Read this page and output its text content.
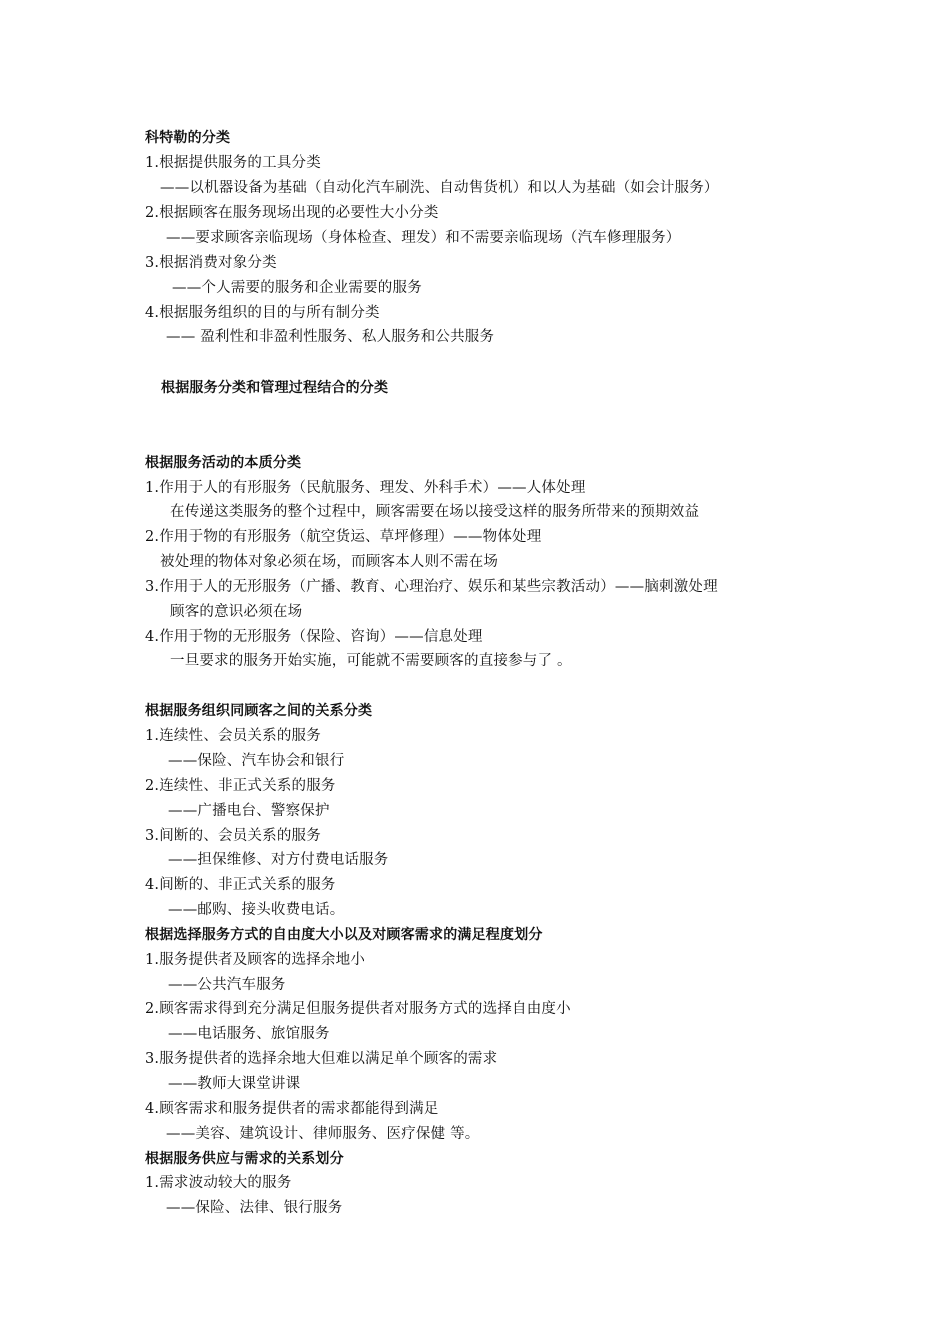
科特勒的分类

1.根据提供服务的工具分类

——以机器设备为基础（自动化汽车刷洗、自动售货机）和以人为基础（如会计服务）

2.根据顾客在服务现场出现的必要性大小分类

——要求顾客亲临现场（身体检查、理发）和不需要亲临现场（汽车修理服务）

3.根据消费对象分类

——个人需要的服务和企业需要的服务

4.根据服务组织的目的与所有制分类

—— 盈利性和非盈利性服务、私人服务和公共服务

根据服务分类和管理过程结合的分类

根据服务活动的本质分类

1.作用于人的有形服务（民航服务、理发、外科手术）——人体处理

在传递这类服务的整个过程中，顾客需要在场以接受这样的服务所带来的预期效益

2.作用于物的有形服务（航空货运、草坪修理）——物体处理

被处理的物体对象必须在场，而顾客本人则不需在场

3.作用于人的无形服务（广播、教育、心理治疗、娱乐和某些宗教活动）——脑刺激处理

顾客的意识必须在场

4.作用于物的无形服务（保险、咨询）——信息处理

一旦要求的服务开始实施，可能就不需要顾客的直接参与了 。

根据服务组织同顾客之间的关系分类

1.连续性、会员关系的服务

——保险、汽车协会和银行

2.连续性、非正式关系的服务

——广播电台、警察保护

3.间断的、会员关系的服务

——担保维修、对方付费电话服务

4.间断的、非正式关系的服务

——邮购、接头收费电话。

根据选择服务方式的自由度大小以及对顾客需求的满足程度划分

1.服务提供者及顾客的选择余地小

——公共汽车服务

2.顾客需求得到充分满足但服务提供者对服务方式的选择自由度小

——电话服务、旅馆服务

3.服务提供者的选择余地大但难以满足单个顾客的需求

——教师大课堂讲课

4.顾客需求和服务提供者的需求都能得到满足

——美容、建筑设计、律师服务、医疗保健 等。

根据服务供应与需求的关系划分

1.需求波动较大的服务

——保险、法律、银行服务
